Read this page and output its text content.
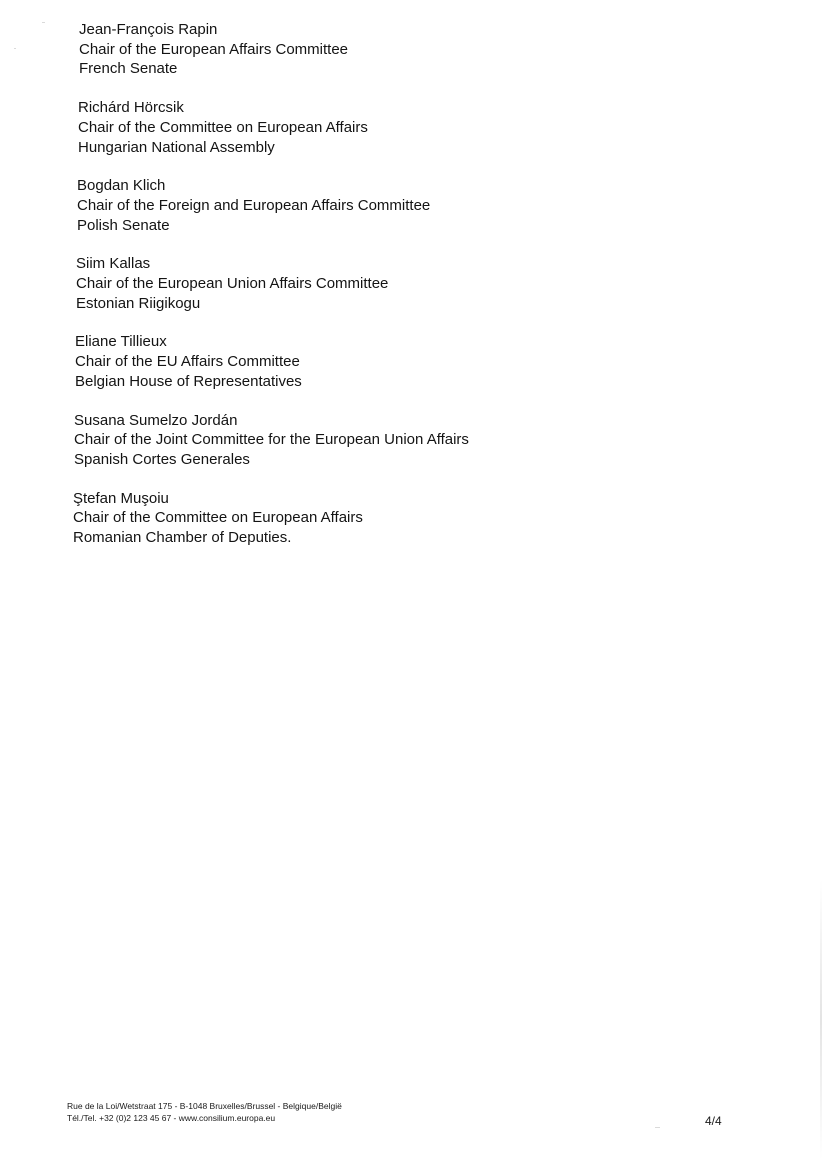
Jean-François Rapin
Chair of the European Affairs Committee
French Senate
Richárd Hörcsik
Chair of the Committee on European Affairs
Hungarian National Assembly
Bogdan Klich
Chair of the Foreign and European Affairs Committee
Polish Senate
Siim Kallas
Chair of the European Union Affairs Committee
Estonian Riigikogu
Eliane Tillieux
Chair of the EU Affairs Committee
Belgian House of Representatives
Susana Sumelzo Jordán
Chair of the Joint Committee for the European Union Affairs
Spanish Cortes Generales
Ştefan Muşoiu
Chair of the Committee on European Affairs
Romanian Chamber of Deputies.
Rue de la Loi/Wetstraat 175 - B-1048 Bruxelles/Brussel - Belgique/België
Tél./Tel. +32 (0)2 123 45 67 - www.consilium.europa.eu	4/4
